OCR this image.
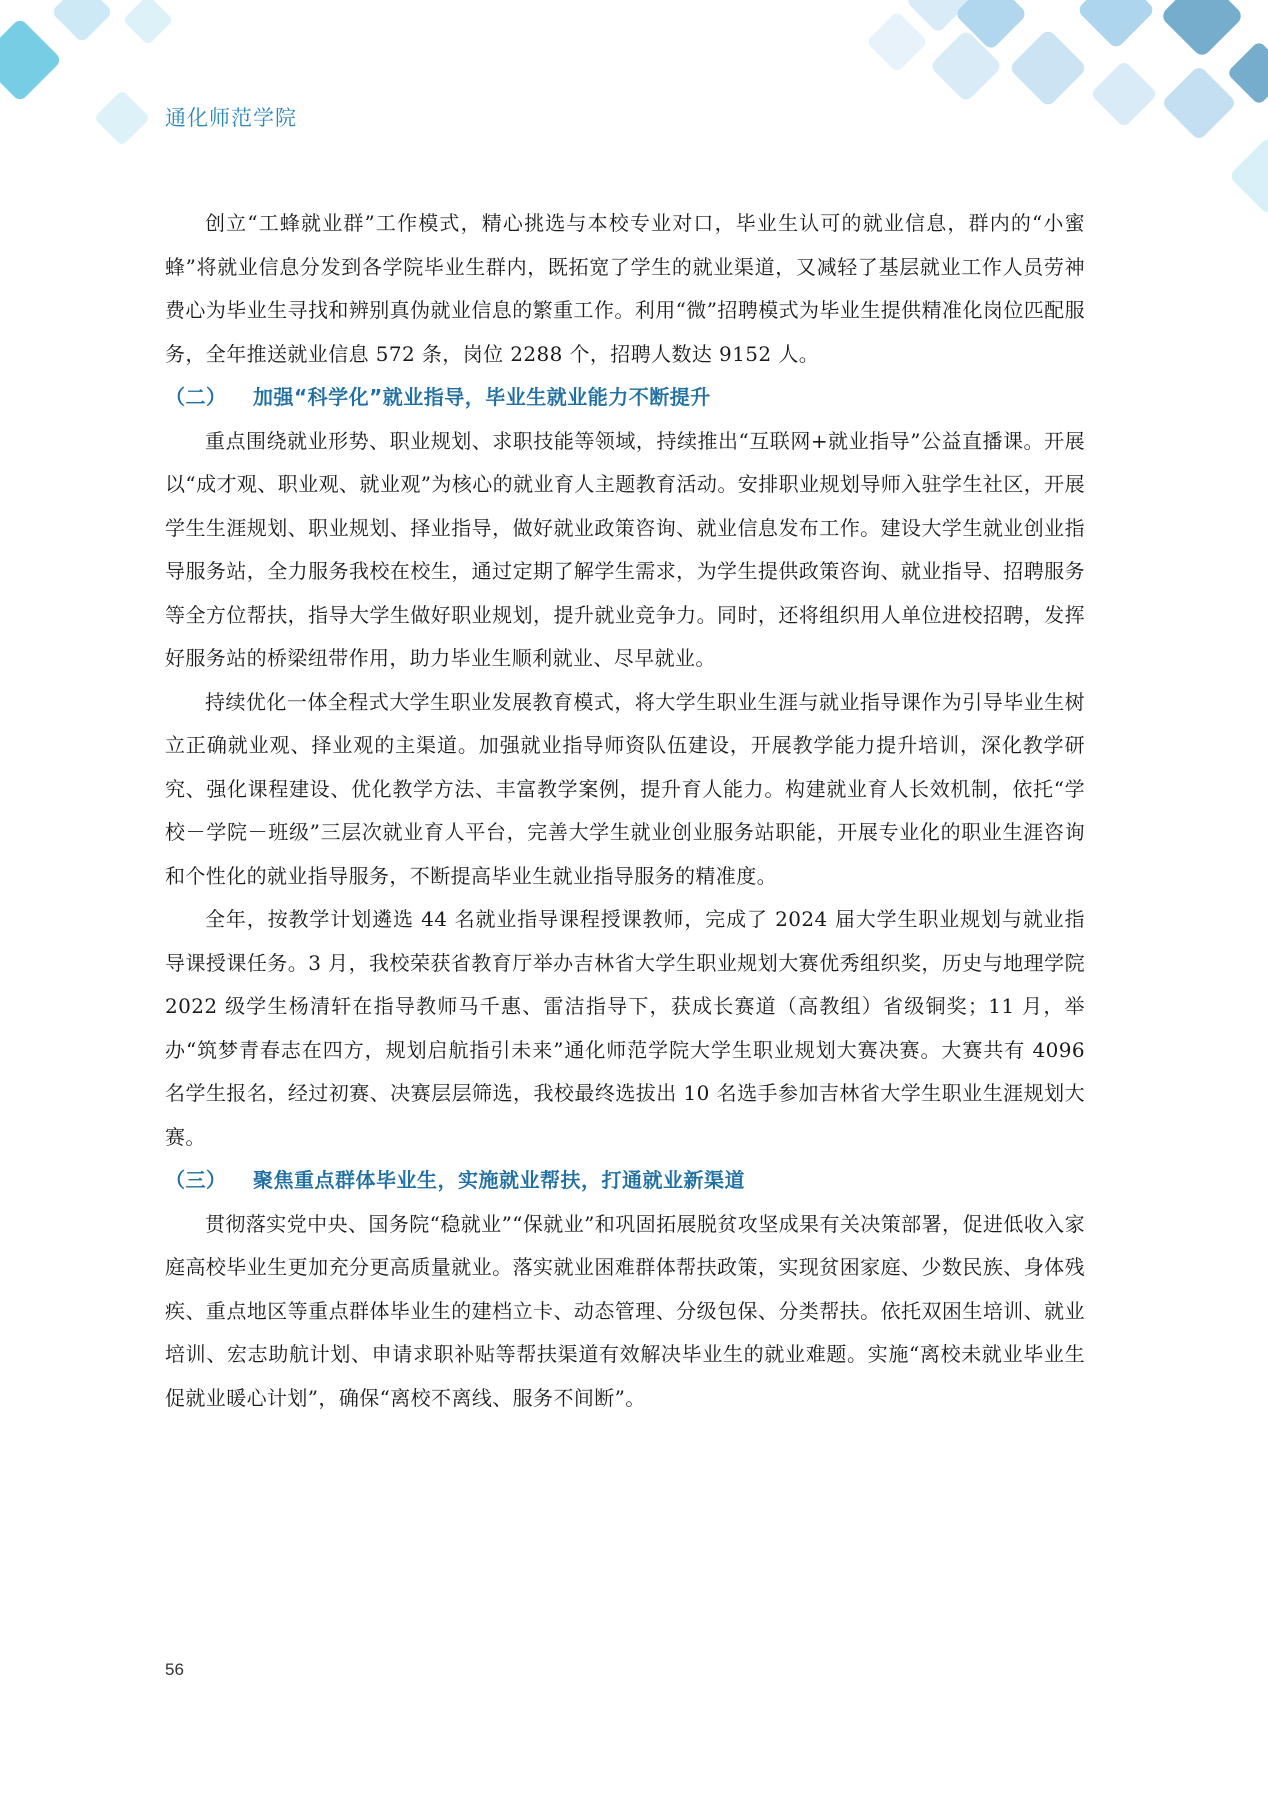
通化师范学院

创立“工蜂就业群”工作模式，精心挑选与本校专业对口，毕业生认可的就业信息，群内的“小蜜蜂”将就业信息分发到各学院毕业生群内，既拓宽了学生的就业渠道，又减轻了基层就业工作人员劳神费心为毕业生寻找和辨别真伪就业信息的繁重工作。利用“微”招聘模式为毕业生提供精准化岗位匹配服务，全年推送就业信息 572 条，岗位 2288 个，招聘人数达 9152 人。

（二） 加强“科学化”就业指导，毕业生就业能力不断提升

重点围绕就业形势、职业规划、求职技能等领域，持续推出“互联网+就业指导”公益直播课。开展以“成才观、职业观、就业观”为核心的就业育人主题教育活动。安排职业规划导师入驻学生社区，开展学生生涯规划、职业规划、择业指导，做好就业政策咨询、就业信息发布工作。建设大学生就业创业指导服务站，全力服务我校在校生，通过定期了解学生需求，为学生提供政策咨询、就业指导、招聘服务等全方位帮扶，指导大学生做好职业规划，提升就业竞争力。同时，还将组织用人单位进校招聘，发挥好服务站的桥梁纽带作用，助力毕业生顺利就业、尽早就业。

持续优化一体全程式大学生职业发展教育模式，将大学生职业生涯与就业指导课作为引导毕业生树立正确就业观、择业观的主渠道。加强就业指导师资队伍建设，开展教学能力提升培训，深化教学研究、强化课程建设、优化教学方法、丰富教学案例，提升育人能力。构建就业育人长效机制，依托“学校－学院－班级”三层次就业育人平台，完善大学生就业创业服务站职能，开展专业化的职业生涯咨询和个性化的就业指导服务，不断提高毕业生就业指导服务的精准度。

全年，按教学计划遴选 44 名就业指导课程授课教师，完成了 2024 届大学生职业规划与就业指导课授课任务。3 月，我校荣获省教育厅举办吉林省大学生职业规划大赛优秀组织奖，历史与地理学院 2022 级学生杨清轩在指导教师马千惠、雷洁指导下，获成长赛道（高教组）省级铜奖；11 月，举办“筑梦青春志在四方，规划启航指引未来”通化师范学院大学生职业规划大赛决赛。大赛共有 4096 名学生报名，经过初赛、决赛层层筛选，我校最终选拔出 10 名选手参加吉林省大学生职业生涯规划大赛。

（三） 聚焦重点群体毕业生，实施就业帮扶，打通就业新渠道

贯彻落实党中央、国务院“稳就业”“保就业”和巩固拓展脱贫攻坚成果有关决策部署，促进低收入家庭高校毕业生更加充分更高质量就业。落实就业困难群体帮扶政策，实现贫困家庭、少数民族、身体残疾、重点地区等重点群体毕业生的建档立卡、动态管理、分级包保、分类帮扶。依托双困生培训、就业培训、宏志助航计划、申请求职补贴等帮扶渠道有效解决毕业生的就业难题。实施“离校未就业毕业生促就业暖心计划”，确保“离校不离线、服务不间断”。

56
